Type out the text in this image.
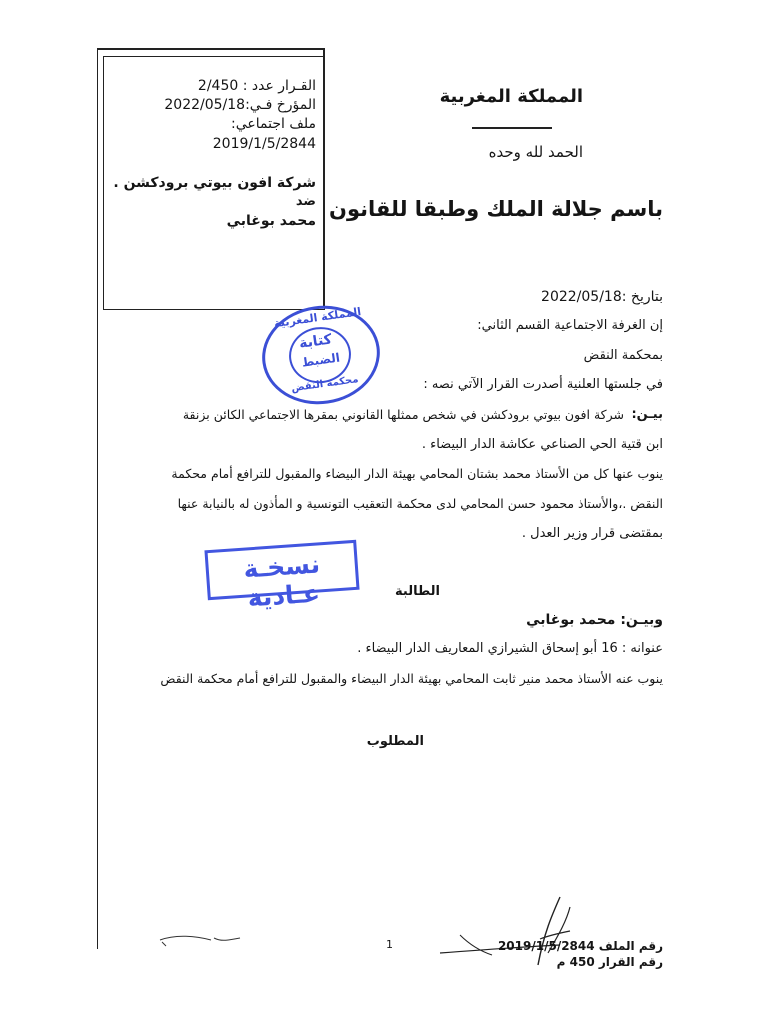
المملكة المغربية
الحمد لله وحده
باسم جلالة الملك وطبقا للقانون
القـرار عدد : 2/450
المؤرخ فـي:2022/05/18
ملف اجتماعي:
2019/1/5/2844
شركة افون بيوتي برودكشن .
ضد
محمد بوغابي
المملكة المغربية
كتابة
الضبط
محكمة النقض
بتاريخ :2022/05/18
إن الغرفة الاجتماعية القسم الثاني:
بمحكمة النقض
في جلستها العلنية أصدرت القرار الآتي نصه :
بيـن:
شركة افون بيوتي برودكشن في شخص ممثلها القانوني بمقرها الاجتماعي الكائن بزنقة
ابن قتية الحي الصناعي عكاشة الدار البيضاء .
ينوب عنها كل من الأستاذ محمد بشتان المحامي بهيئة الدار البيضاء والمقبول للترافع أمام محكمة
النقض .،والأستاذ محمود حسن المحامي لدى محكمة التعقيب التونسية و المأذون له بالنيابة عنها
بمقتضى قرار وزير العدل .
نسخـة عـادية	الطالبة
وبيـن: محمد بوغابي
عنوانه : 16 أبو إسحاق الشيرازي المعاريف الدار البيضاء .
ينوب عنه الأستاذ محمد منير ثابت المحامي بهيئة الدار البيضاء والمقبول للترافع أمام محكمة النقض
المطلوب
1	رقم الملف 2019/1/5/2844
رقم القرار 450 م
